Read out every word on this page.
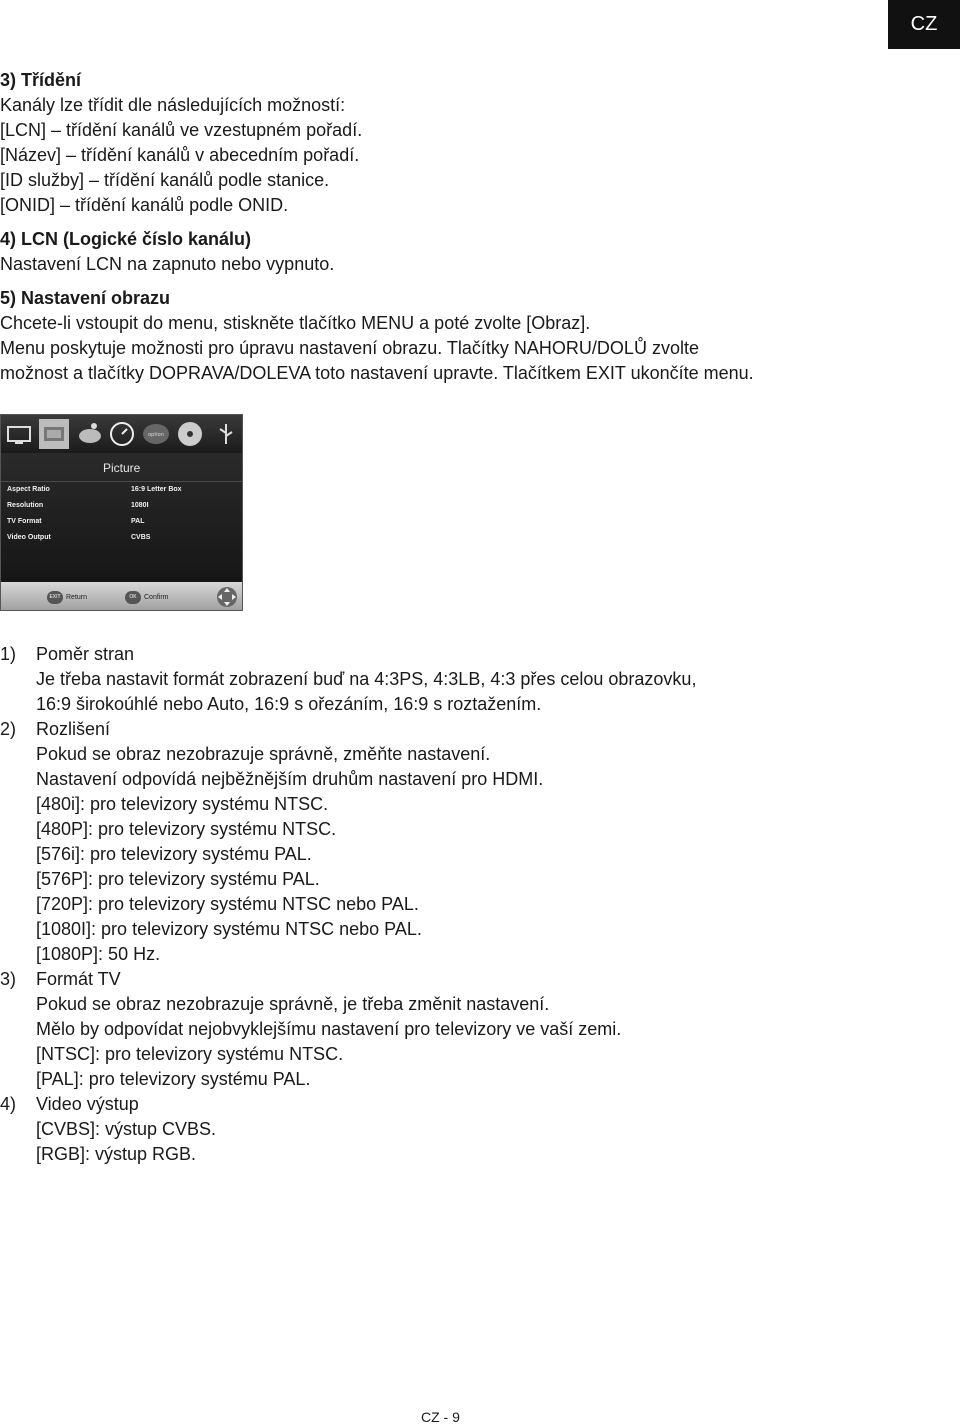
CZ
3) Třídění
Kanály lze třídit dle následujících možností:
[LCN] – třídění kanálů ve vzestupném pořadí.
[Název] – třídění kanálů v abecedním pořadí.
[ID služby] – třídění kanálů podle stanice.
[ONID] – třídění kanálů podle ONID.
4) LCN (Logické číslo kanálu)
Nastavení LCN na zapnuto nebo vypnuto.
5) Nastavení obrazu
Chcete-li vstoupit do menu, stiskněte tlačítko MENU a poté zvolte [Obraz].
Menu poskytuje možnosti pro úpravu nastavení obrazu. Tlačítky NAHORU/DOLŮ zvolte
možnost a tlačítky DOPRAVA/DOLEVA toto nastavení upravte. Tlačítkem EXIT ukončíte menu.
option
Picture
Aspect Ratio	16:9 Letter Box
Resolution	1080I
TV Format	PAL
Video Output	CVBS
EXIT Return	OK	Confirm
1) Poměr stran
Je třeba nastavit formát zobrazení buď na 4:3PS, 4:3LB, 4:3 přes celou obrazovku,
16:9 širokoúhlé nebo Auto, 16:9 s ořezáním, 16:9 s roztažením.
2) Rozlišení
Pokud se obraz nezobrazuje správně, změňte nastavení.
Nastavení odpovídá nejběžnějším druhům nastavení pro HDMI.
[480i]: pro televizory systému NTSC.
[480P]: pro televizory systému NTSC.
[576i]: pro televizory systému PAL.
[576P]: pro televizory systému PAL.
[720P]: pro televizory systému NTSC nebo PAL.
[1080I]: pro televizory systému NTSC nebo PAL.
[1080P]: 50 Hz.
3) Formát TV
Pokud se obraz nezobrazuje správně, je třeba změnit nastavení.
Mělo by odpovídat nejobvyklejšímu nastavení pro televizory ve vaší zemi.
[NTSC]: pro televizory systému NTSC.
[PAL]: pro televizory systému PAL.
4) Video výstup
[CVBS]: výstup CVBS.
[RGB]: výstup RGB.
CZ - 9
